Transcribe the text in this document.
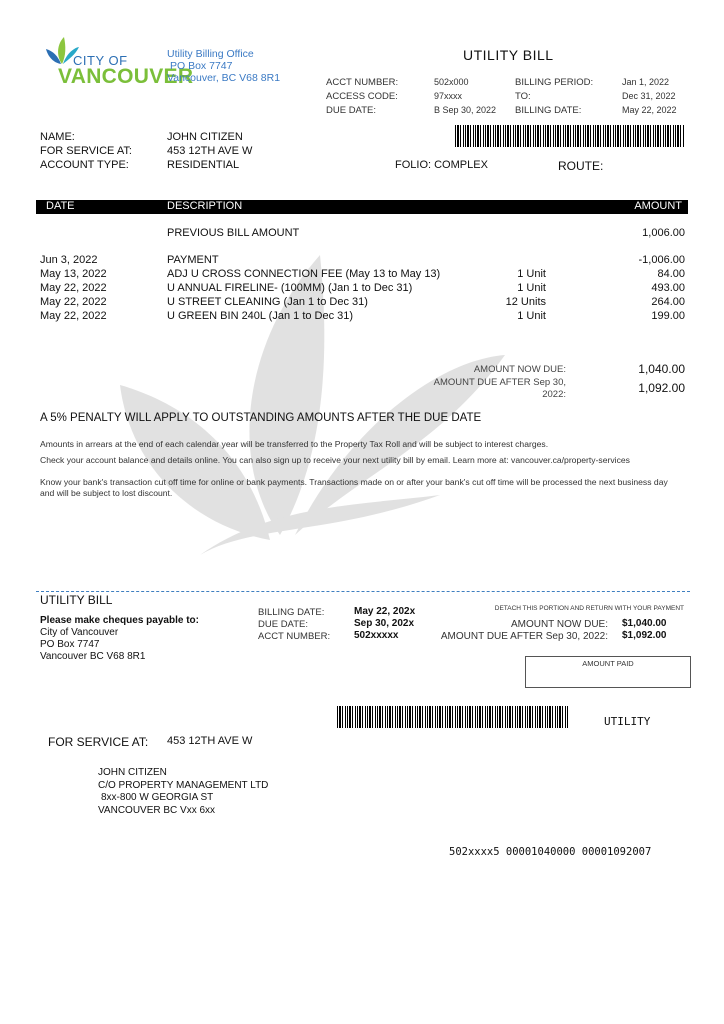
CITY OF
VANCOUVER
Utility Billing Office
PO Box 7747
Vancouver, BC V68 8R1
UTILITY BILL
ACCT NUMBER:	502x000
ACCESS CODE:	97xxxx
DUE DATE:	B Sep 30, 2022
BILLING PERIOD:	Jan 1, 2022
TO:	Dec 31, 2022
BILLING DATE:	May 22, 2022
NAME:	JOHN CITIZEN
FOR SERVICE AT:	453 12TH AVE W
ACCOUNT TYPE:	RESIDENTIAL	FOLIO: COMPLEX	ROUTE:
DATE	DESCRIPTION	AMOUNT
PREVIOUS BILL AMOUNT	1,006.00
Jun 3, 2022	PAYMENT	-1,006.00
May 13, 2022	ADJ U CROSS CONNECTION FEE (May 13 to May 13)	1 Unit	84.00
May 22, 2022	U ANNUAL FIRELINE- (100MM) (Jan 1 to Dec 31)	1 Unit	493.00
May 22, 2022	U STREET CLEANING (Jan 1 to Dec 31)	12 Units	264.00
May 22, 2022	U GREEN BIN 240L (Jan 1 to Dec 31)	1 Unit	199.00
AMOUNT NOW DUE:	1,040.00
AMOUNT DUE AFTER Sep 30,
2022:	1,092.00
A 5% PENALTY WILL APPLY TO OUTSTANDING AMOUNTS AFTER THE DUE DATE
Amounts in arrears at the end of each calendar year will be transferred to the Property Tax Roll and will be subject to interest charges.
Check your account balance and details online. You can also sign up to receive your next utility bill by email. Learn more at: vancouver.ca/property-services
Know your bank's transaction cut off time for online or bank payments. Transactions made on or after your bank's cut off time will be processed the next business day and will be subject to lost discount.
UTILITY BILL
Please make cheques payable to:
City of Vancouver
PO Box 7747
Vancouver BC V68 8R1
BILLING DATE:	May 22, 202x
DUE DATE:	Sep 30, 202x
ACCT NUMBER: 502xxxxx
DETACH THIS PORTION AND RETURN WITH YOUR PAYMENT
AMOUNT NOW DUE: $1,040.00
AMOUNT DUE AFTER Sep 30, 2022: $1,092.00
AMOUNT PAID
UTILITY
FOR SERVICE AT: 453 12TH AVE W
JOHN CITIZEN
C/O PROPERTY MANAGEMENT LTD
8xx-800 W GEORGIA ST
VANCOUVER BC Vxx 6xx
502xxxx5 00001040000 00001092007
